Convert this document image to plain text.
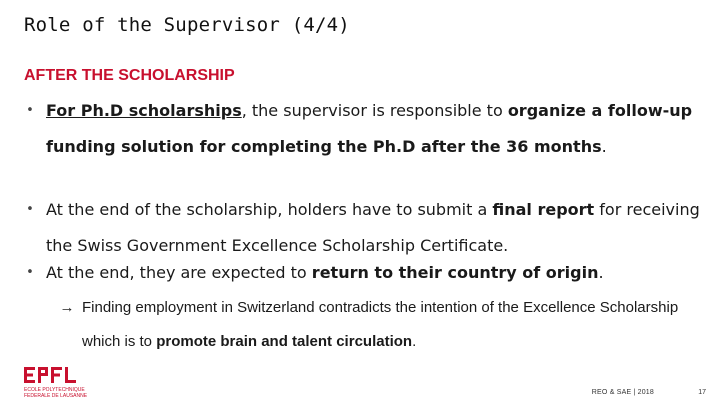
Role of the Supervisor (4/4)
AFTER THE SCHOLARSHIP
• For Ph.D scholarships, the supervisor is responsible to organize a follow-up funding solution for completing the Ph.D after the 36 months.
• At the end of the scholarship, holders have to submit a final report for receiving the Swiss Government Excellence Scholarship Certificate.
• At the end, they are expected to return to their country of origin.
→ Finding employment in Switzerland contradicts the intention of the Excellence Scholarship which is to promote brain and talent circulation.
ECOLE POLYTECHNIQUE
FEDERALE DE LAUSANNE	REO & SAE | 2018	17
